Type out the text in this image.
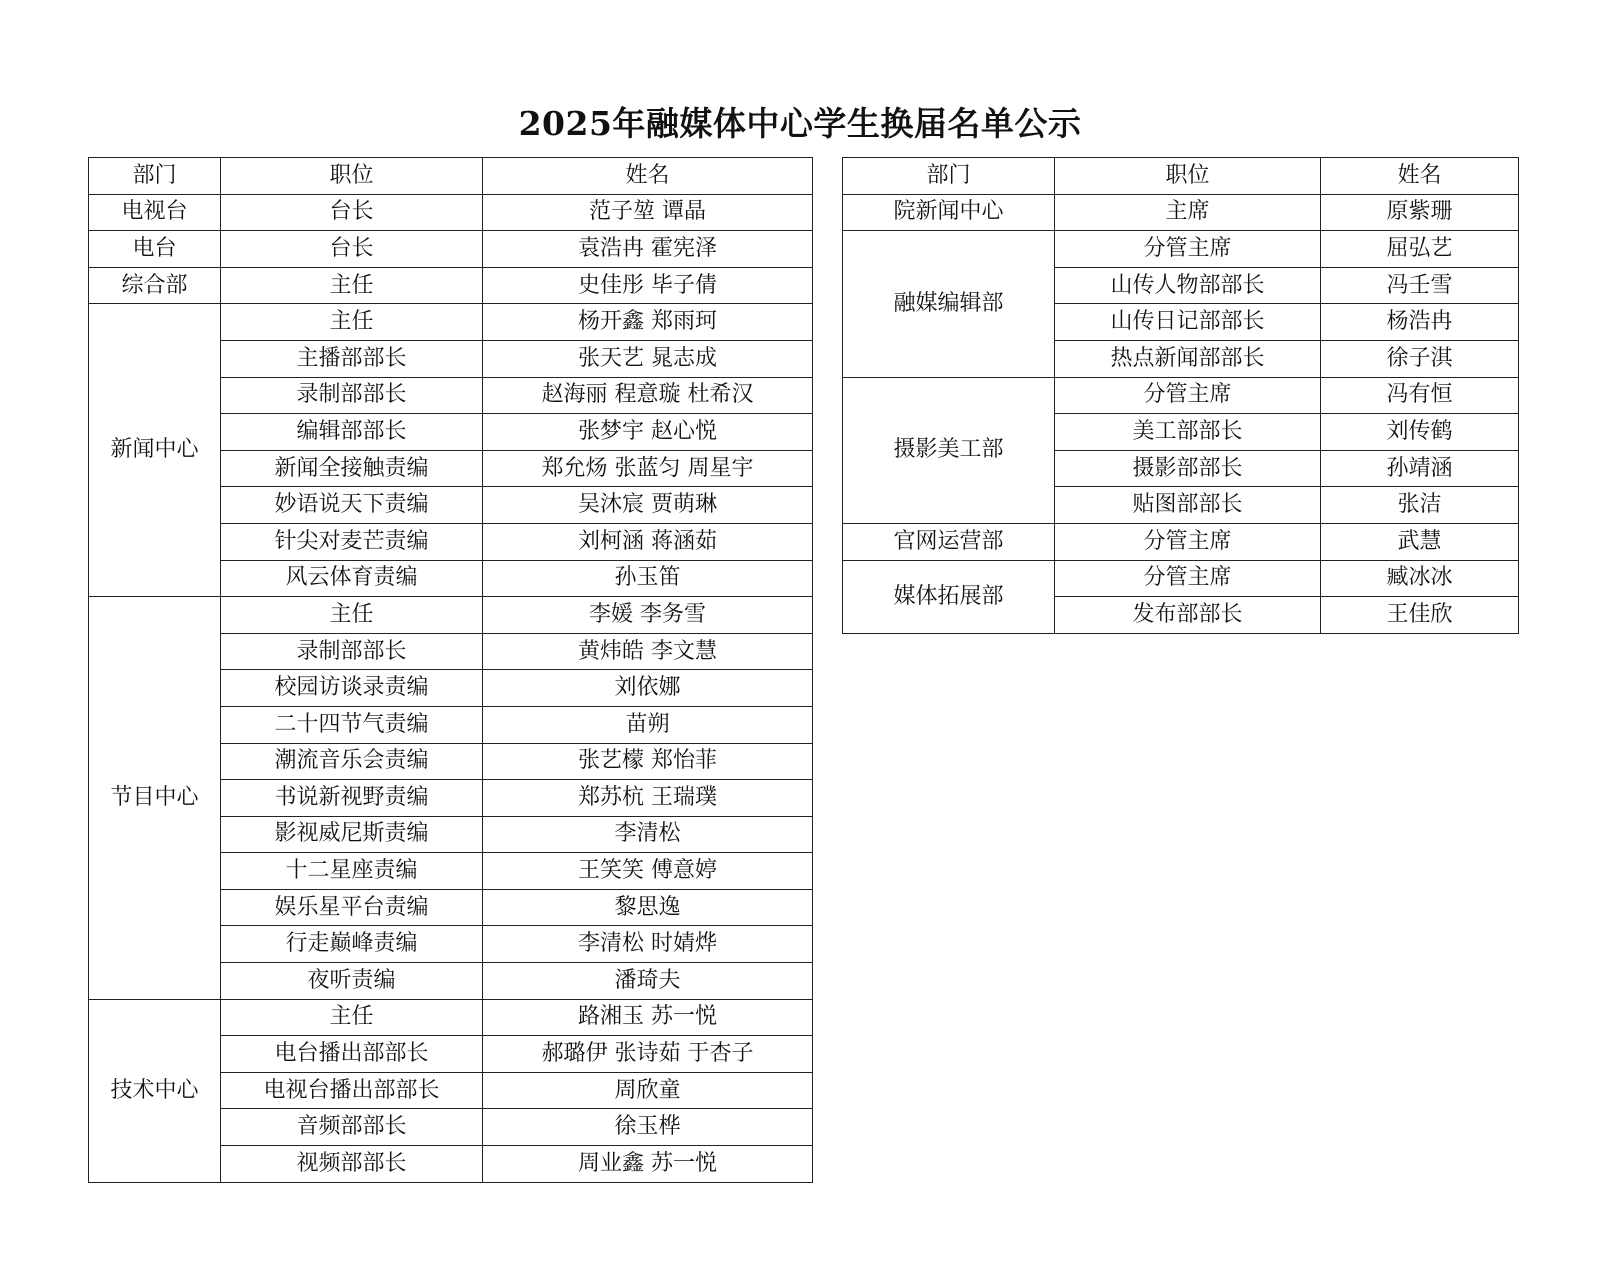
2025年融媒体中心学生换届名单公示
部门	职位	姓名
电视台	台长	范子堃 谭晶
电台	台长	袁浩冉 霍宪泽
综合部	主任	史佳彤 毕子倩
新闻中心	主任	杨开鑫 郑雨珂
	主播部部长	张天艺 晁志成
	录制部部长	赵海丽 程意璇 杜希汉
	编辑部部长	张梦宇 赵心悦
	新闻全接触责编	郑允炀 张蓝匀 周星宇
	妙语说天下责编	吴沐宸 贾萌琳
	针尖对麦芒责编	刘柯涵 蒋涵茹
	风云体育责编	孙玉笛
节目中心	主任	李媛 李务雪
	录制部部长	黄炜皓 李文慧
	校园访谈录责编	刘依娜
	二十四节气责编	苗朔
	潮流音乐会责编	张艺檬 郑怡菲
	书说新视野责编	郑苏杭 王瑞璞
	影视威尼斯责编	李清松
	十二星座责编	王笑笑 傅意婷
	娱乐星平台责编	黎思逸
	行走巅峰责编	李清松 时婧烨
	夜听责编	潘琦夫
技术中心	主任	路湘玉 苏一悦
	电台播出部部长	郝璐伊 张诗茹 于杏子
	电视台播出部部长	周欣童
	音频部部长	徐玉桦
	视频部部长	周业鑫 苏一悦
部门	职位	姓名
院新闻中心	主席	原紫珊
融媒编辑部	分管主席	屈弘艺
	山传人物部部长	冯壬雪
	山传日记部部长	杨浩冉
	热点新闻部部长	徐子淇
摄影美工部	分管主席	冯有恒
	美工部部长	刘传鹤
	摄影部部长	孙靖涵
	贴图部部长	张洁
官网运营部	分管主席	武慧
媒体拓展部	分管主席	臧冰冰
	发布部部长	王佳欣
